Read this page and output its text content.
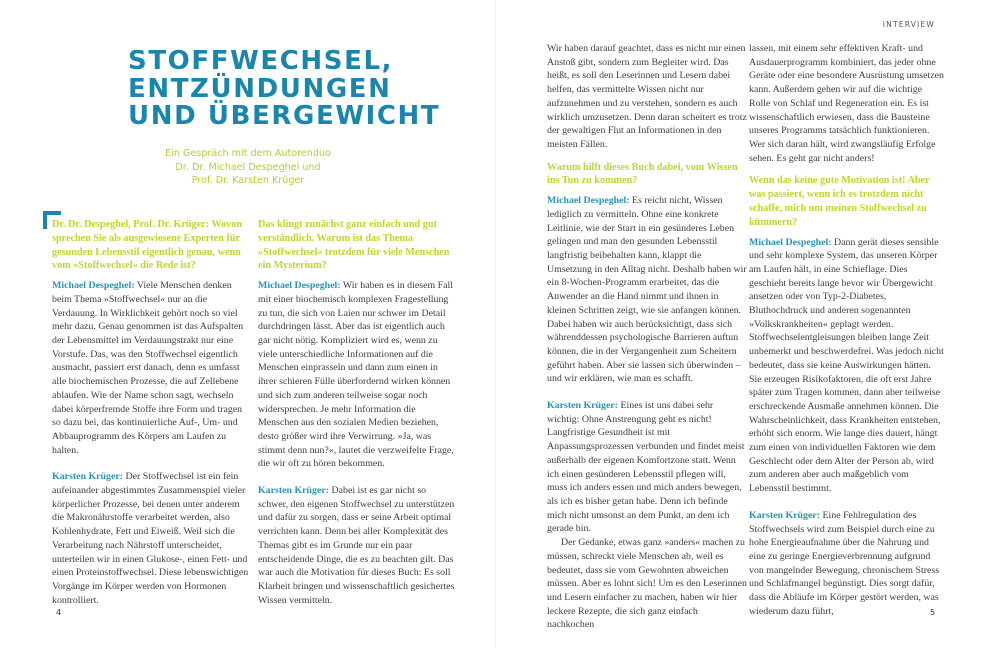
STOFFWECHSEL,
ENTZÜNDUNGEN
UND ÜBERGEWICHT
Ein Gespräch mit dem Autorenduo
Dr. Dr. Michael Despeghel und
Prof. Dr. Karsten Krüger

Dr. Dr. Despeghel, Prof. Dr. Krüger: Wovon sprechen Sie als ausgewiesene Experten für gesunden Lebensstil eigentlich genau, wenn vom »Stoffwechsel« die Rede ist?

Michael Despeghel: Viele Menschen denken beim Thema »Stoffwechsel« nur an die Verdauung. In Wirklichkeit gehört noch so viel mehr dazu. Genau genommen ist das Aufspalten der Lebensmittel im Verdauungstrakt nur eine Vorstufe. Das, was den Stoffwechsel eigentlich ausmacht, passiert erst danach, denn es umfasst alle biochemischen Prozesse, die auf Zellebene ablaufen. Wie der Name schon sagt, wechseln dabei körperfremde Stoffe ihre Form und tragen so dazu bei, das kontinuierliche Auf-, Um- und Abbauprogramm des Körpers am Laufen zu halten.

Karsten Krüger: Der Stoffwechsel ist ein fein aufeinander abgestimmtes Zusammenspiel vieler körperlicher Prozesse, bei denen unter anderem die Makronährstoffe verarbeitet werden, also Kohlenhydrate, Fett und Eiweiß. Weil sich die Verarbeitung nach Nährstoff unterscheidet, unterteilen wir in einen Glukose-, einen Fett- und einen Proteinstoffwechsel. Diese lebenswichtigen Vorgänge im Körper werden von Hormonen kontrolliert.

Das klingt zunächst ganz einfach und gut verständlich. Warum ist das Thema »Stoffwechsel« trotzdem für viele Menschen ein Mysterium?

Michael Despeghel: Wir haben es in diesem Fall mit einer biochemisch komplexen Fragestellung zu tun, die sich von Laien nur schwer im Detail durchdringen lässt. Aber das ist eigentlich auch gar nicht nötig. Kompliziert wird es, wenn zu viele unterschiedliche Informationen auf die Menschen einprasseln und dann zum einen in ihrer schieren Fülle überfordernd wirken können und sich zum anderen teilweise sogar noch widersprechen. Je mehr Information die Menschen aus den sozialen Medien beziehen, desto größer wird ihre Verwirrung. »Ja, was stimmt denn nun?«, lautet die verzweifelte Frage, die wir oft zu hören bekommen.

Karsten Krüger: Dabei ist es gar nicht so schwer, den eigenen Stoffwechsel zu unterstützen und dafür zu sorgen, dass er seine Arbeit optimal verrichten kann. Denn bei aller Komplexität des Themas gibt es im Grunde nur ein paar entscheidende Dinge, die es zu beachten gilt. Das war auch die Motivation für dieses Buch: Es soll Klarheit bringen und wissenschaftlich gesichertes Wissen vermitteln.

4
INTERVIEW

Wir haben darauf geachtet, dass es nicht nur einen Anstoß gibt, sondern zum Begleiter wird. Das heißt, es soll den Leserinnen und Lesern dabei helfen, das vermittelte Wissen nicht nur aufzunehmen und zu verstehen, sondern es auch wirklich umzusetzen. Denn daran scheitert es trotz der gewaltigen Flut an Informationen in den meisten Fällen.

Warum hilft dieses Buch dabei, vom Wissen ins Tun zu kommen?

Michael Despeghel: Es reicht nicht, Wissen lediglich zu vermitteln. Ohne eine konkrete Leitlinie, wie der Start in ein gesünderes Leben gelingen und man den gesunden Lebensstil langfristig beibehalten kann, klappt die Umsetzung in den Alltag nicht. Deshalb haben wir ein 8-Wochen-Programm erarbeitet, das die Anwender an die Hand nimmt und ihnen in kleinen Schritten zeigt, wie sie anfangen können. Dabei haben wir auch berücksichtigt, dass sich währenddessen psychologische Barrieren auftun können, die in der Vergangenheit zum Scheitern geführt haben. Aber sie lassen sich überwinden – und wir erklären, wie man es schafft.

Karsten Krüger: Eines ist uns dabei sehr wichtig: Ohne Anstrengung geht es nicht! Langfristige Gesundheit ist mit Anpassungsprozessen verbunden und findet meist außerhalb der eigenen Komfortzone statt. Wenn ich einen gesünderen Lebensstil pflegen will, muss ich anders essen und mich anders bewegen, als ich es bisher getan habe. Denn ich befinde mich nicht umsonst an dem Punkt, an dem ich gerade bin.

Der Gedanke, etwas ganz »anders« machen zu müssen, schreckt viele Menschen ab, weil es bedeutet, dass sie vom Gewohnten abweichen müssen. Aber es lohnt sich! Um es den Leserinnen und Lesern einfacher zu machen, haben wir hier leckere Rezepte, die sich ganz einfach nachkochen

lassen, mit einem sehr effektiven Kraft- und Ausdauerprogramm kombiniert, das jeder ohne Geräte oder eine besondere Ausrüstung umsetzen kann. Außerdem gehen wir auf die wichtige Rolle von Schlaf und Regeneration ein. Es ist wissenschaftlich erwiesen, dass die Bausteine unseres Programms tatsächlich funktionieren. Wer sich daran hält, wird zwangsläufig Erfolge sehen. Es geht gar nicht anders!

Wenn das keine gute Motivation ist! Aber was passiert, wenn ich es trotzdem nicht schaffe, mich um meinen Stoffwechsel zu kümmern?

Michael Despeghel: Dann gerät dieses sensible und sehr komplexe System, das unseren Körper am Laufen hält, in eine Schieflage. Dies geschieht bereits lange bevor wir Übergewicht ansetzen oder von Typ-2-Diabetes, Bluthochdruck und anderen sogenannten »Volkskrankheiten« geplagt werden. Stoffwechselentgleisungen bleiben lange Zeit unbemerkt und beschwerdefrei. Was jedoch nicht bedeutet, dass sie keine Auswirkungen hätten. Sie erzeugen Risikofaktoren, die oft erst Jahre später zum Tragen kommen, dann aber teilweise erschreckende Ausmaße annehmen können. Die Wahrscheinlichkeit, dass Krankheiten entstehen, erhöht sich enorm. Wie lange dies dauert, hängt zum einen von individuellen Faktoren wie dem Geschlecht oder dem Alter der Person ab, wird zum anderen aber auch maßgeblich vom Lebensstil bestimmt.

Karsten Krüger: Eine Fehlregulation des Stoffwechsels wird zum Beispiel durch eine zu hohe Energieaufnahme über die Nahrung und eine zu geringe Energieverbrennung aufgrund von mangelnder Bewegung, chronischem Stress und Schlafmangel begünstigt. Dies sorgt dafür, dass die Abläufe im Körper gestört werden, was wiederum dazu führt,	5
